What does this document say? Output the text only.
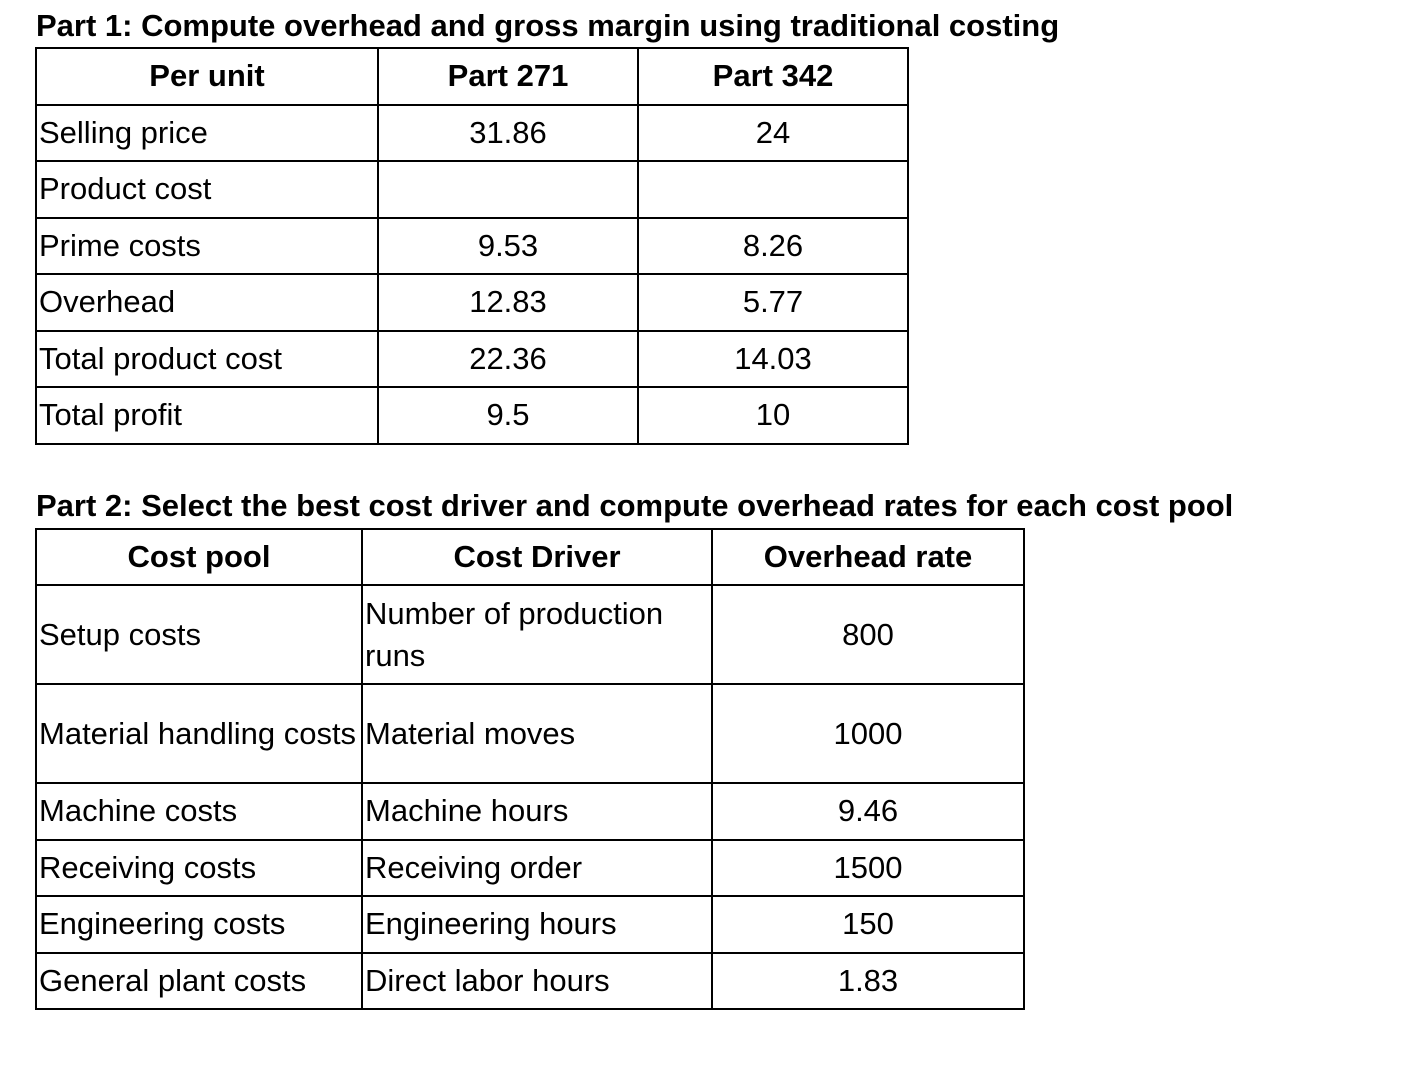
Part 1: Compute overhead and gross margin using traditional costing
Per unit	Part 271	Part 342
Selling price	31.86	24
Product cost		
Prime costs	9.53	8.26
Overhead	12.83	5.77
Total product cost	22.36	14.03
Total profit	9.5	10
Part 2: Select the best cost driver and compute overhead rates for each cost pool
Cost pool	Cost Driver	Overhead rate
Setup costs	Number of production runs	800
Material handling costs	Material moves	1000
Machine costs	Machine hours	9.46
Receiving costs	Receiving order	1500
Engineering costs	Engineering hours	150
General plant costs	Direct labor hours	1.83
